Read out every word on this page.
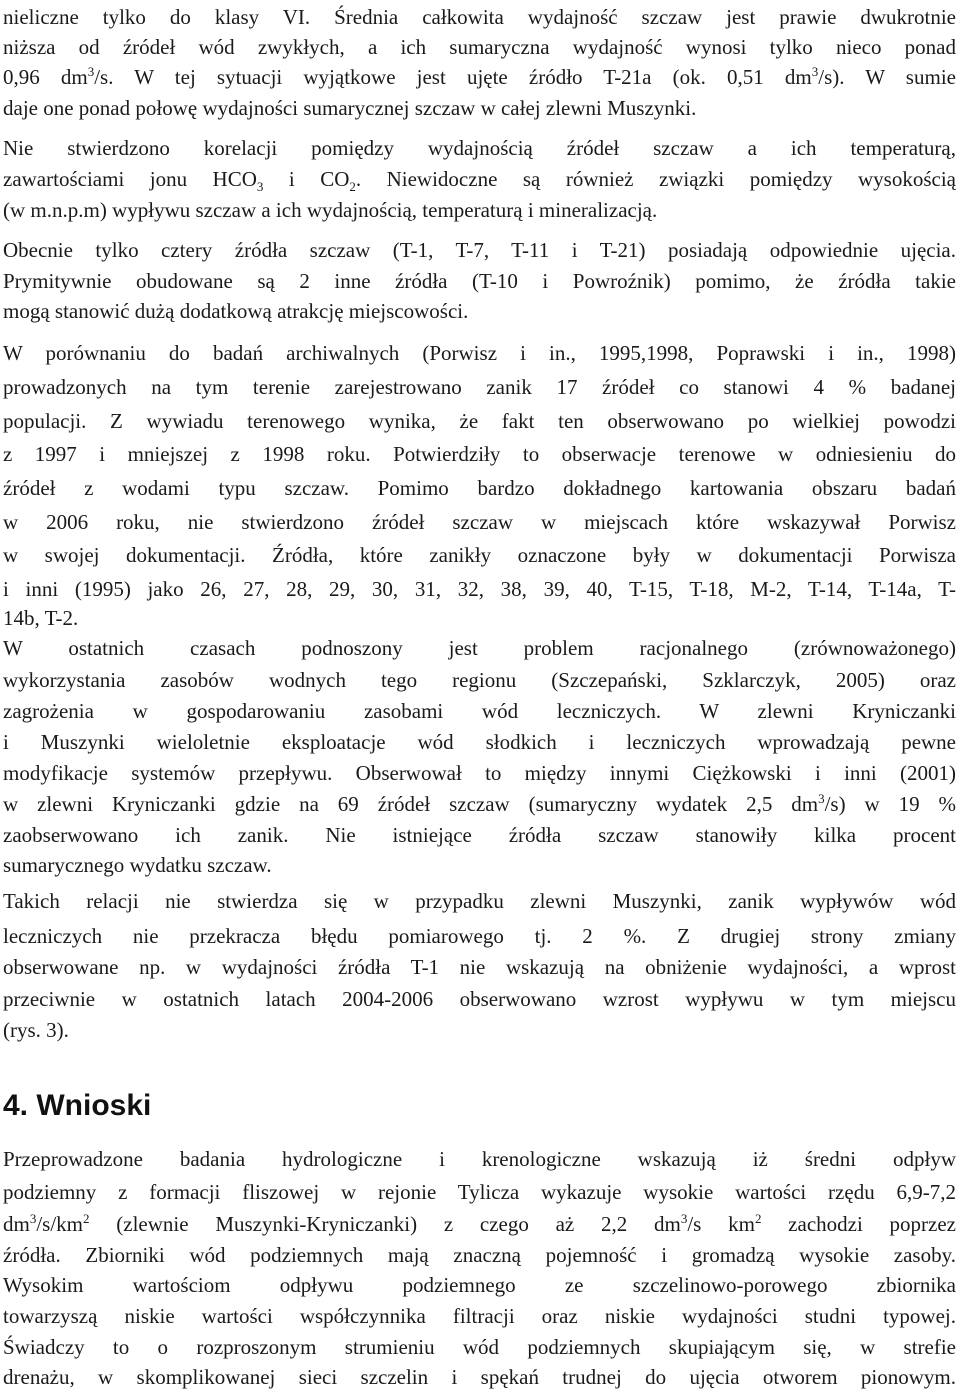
nieliczne tylko do klasy VI. Średnia całkowita wydajność szczaw jest prawie dwukrotnie
niższa od źródeł wód zwykłych, a ich sumaryczna wydajność wynosi tylko nieco ponad
0,96 $dm^3/s$. W tej sytuacji wyjątkowe jest ujęte źródło T-21a (ok. 0,51 $dm^3/s$). W sumie
daje one ponad połowę wydajności sumarycznej szczaw w całej zlewni Muszynki.
Nie stwierdzono korelacji pomiędzy wydajnością źródeł szczaw a ich temperaturą,
zawartościami jonu $HCO_3$ i $CO_2$. Niewidoczne są również związki pomiędzy wysokością
(w m.n.p.m) wypływu szczaw a ich wydajnością, temperaturą i mineralizacją.
Obecnie tylko cztery źródła szczaw (T-1, T-7, T-11 i T-21) posiadają odpowiednie ujęcia.
Prymitywnie obudowane są 2 inne źródła (T-10 i Powroźnik) pomimo, że źródła takie
mogą stanowić dużą dodatkową atrakcję miejscowości.
W porównaniu do badań archiwalnych (Porwisz i in., 1995,1998, Poprawski i in., 1998)
prowadzonych na tym terenie zarejestrowano zanik 17 źródeł co stanowi 4 % badanej
populacji. Z wywiadu terenowego wynika, że fakt ten obserwowano po wielkiej powodzi
z 1997 i mniejszej z 1998 roku. Potwierdziły to obserwacje terenowe w odniesieniu do
źródeł z wodami typu szczaw. Pomimo bardzo dokładnego kartowania obszaru badań
w 2006 roku, nie stwierdzono źródeł szczaw w miejscach które wskazywał Porwisz
w swojej dokumentacji. Źródła, które zanikły oznaczone były w dokumentacji Porwisza
i inni (1995) jako 26, 27, 28, 29, 30, 31, 32, 38, 39, 40, T-15, T-18, M-2, T-14, T-14a, T-
14b, T-2.
W ostatnich czasach podnoszony jest problem racjonalnego (zrównoważonego)
wykorzystania zasobów wodnych tego regionu (Szczepański, Szklarczyk, 2005) oraz
zagrożenia w gospodarowaniu zasobami wód leczniczych. W zlewni Kryniczanki
i Muszynki wieloletnie eksploatacje wód słodkich i leczniczych wprowadzają pewne
modyfikacje systemów przepływu. Obserwował to między innymi Ciężkowski i inni (2001)
w zlewni Kryniczanki gdzie na 69 źródeł szczaw (sumaryczny wydatek 2,5 $dm^3/s$) w 19 %
zaobserwowano ich zanik. Nie istniejące źródła szczaw stanowiły kilka procent
sumarycznego wydatku szczaw.
Takich relacji nie stwierdza się w przypadku zlewni Muszynki, zanik wypływów wód
leczniczych nie przekracza błędu pomiarowego tj. 2 %. Z drugiej strony zmiany
obserwowane np. w wydajności źródła T-1 nie wskazują na obniżenie wydajności, a wprost
przeciwnie w ostatnich latach 2004-2006 obserwowano wzrost wypływu w tym miejscu
(rys. 3).
4. Wnioski
Przeprowadzone badania hydrologiczne i krenologiczne wskazują iż średni odpływ
podziemny z formacji fliszowej w rejonie Tylicza wykazuje wysokie wartości rzędu 6,9-7,2
$dm^3/s/km^2$ (zlewnie Muszynki-Kryniczanki) z czego aż 2,2 $dm^3/s$ $km^2$ zachodzi poprzez
źródła. Zbiorniki wód podziemnych mają znaczną pojemność i gromadzą wysokie zasoby.
Wysokim wartościom odpływu podziemnego ze szczelinowo-porowego zbiornika
towarzyszą niskie wartości współczynnika filtracji oraz niskie wydajności studni typowej.
Świadczy to o rozproszonym strumieniu wód podziemnych skupiającym się, w strefie
drenażu, w skomplikowanej sieci szczelin i spękań trudnej do ujęcia otworem pionowym.
